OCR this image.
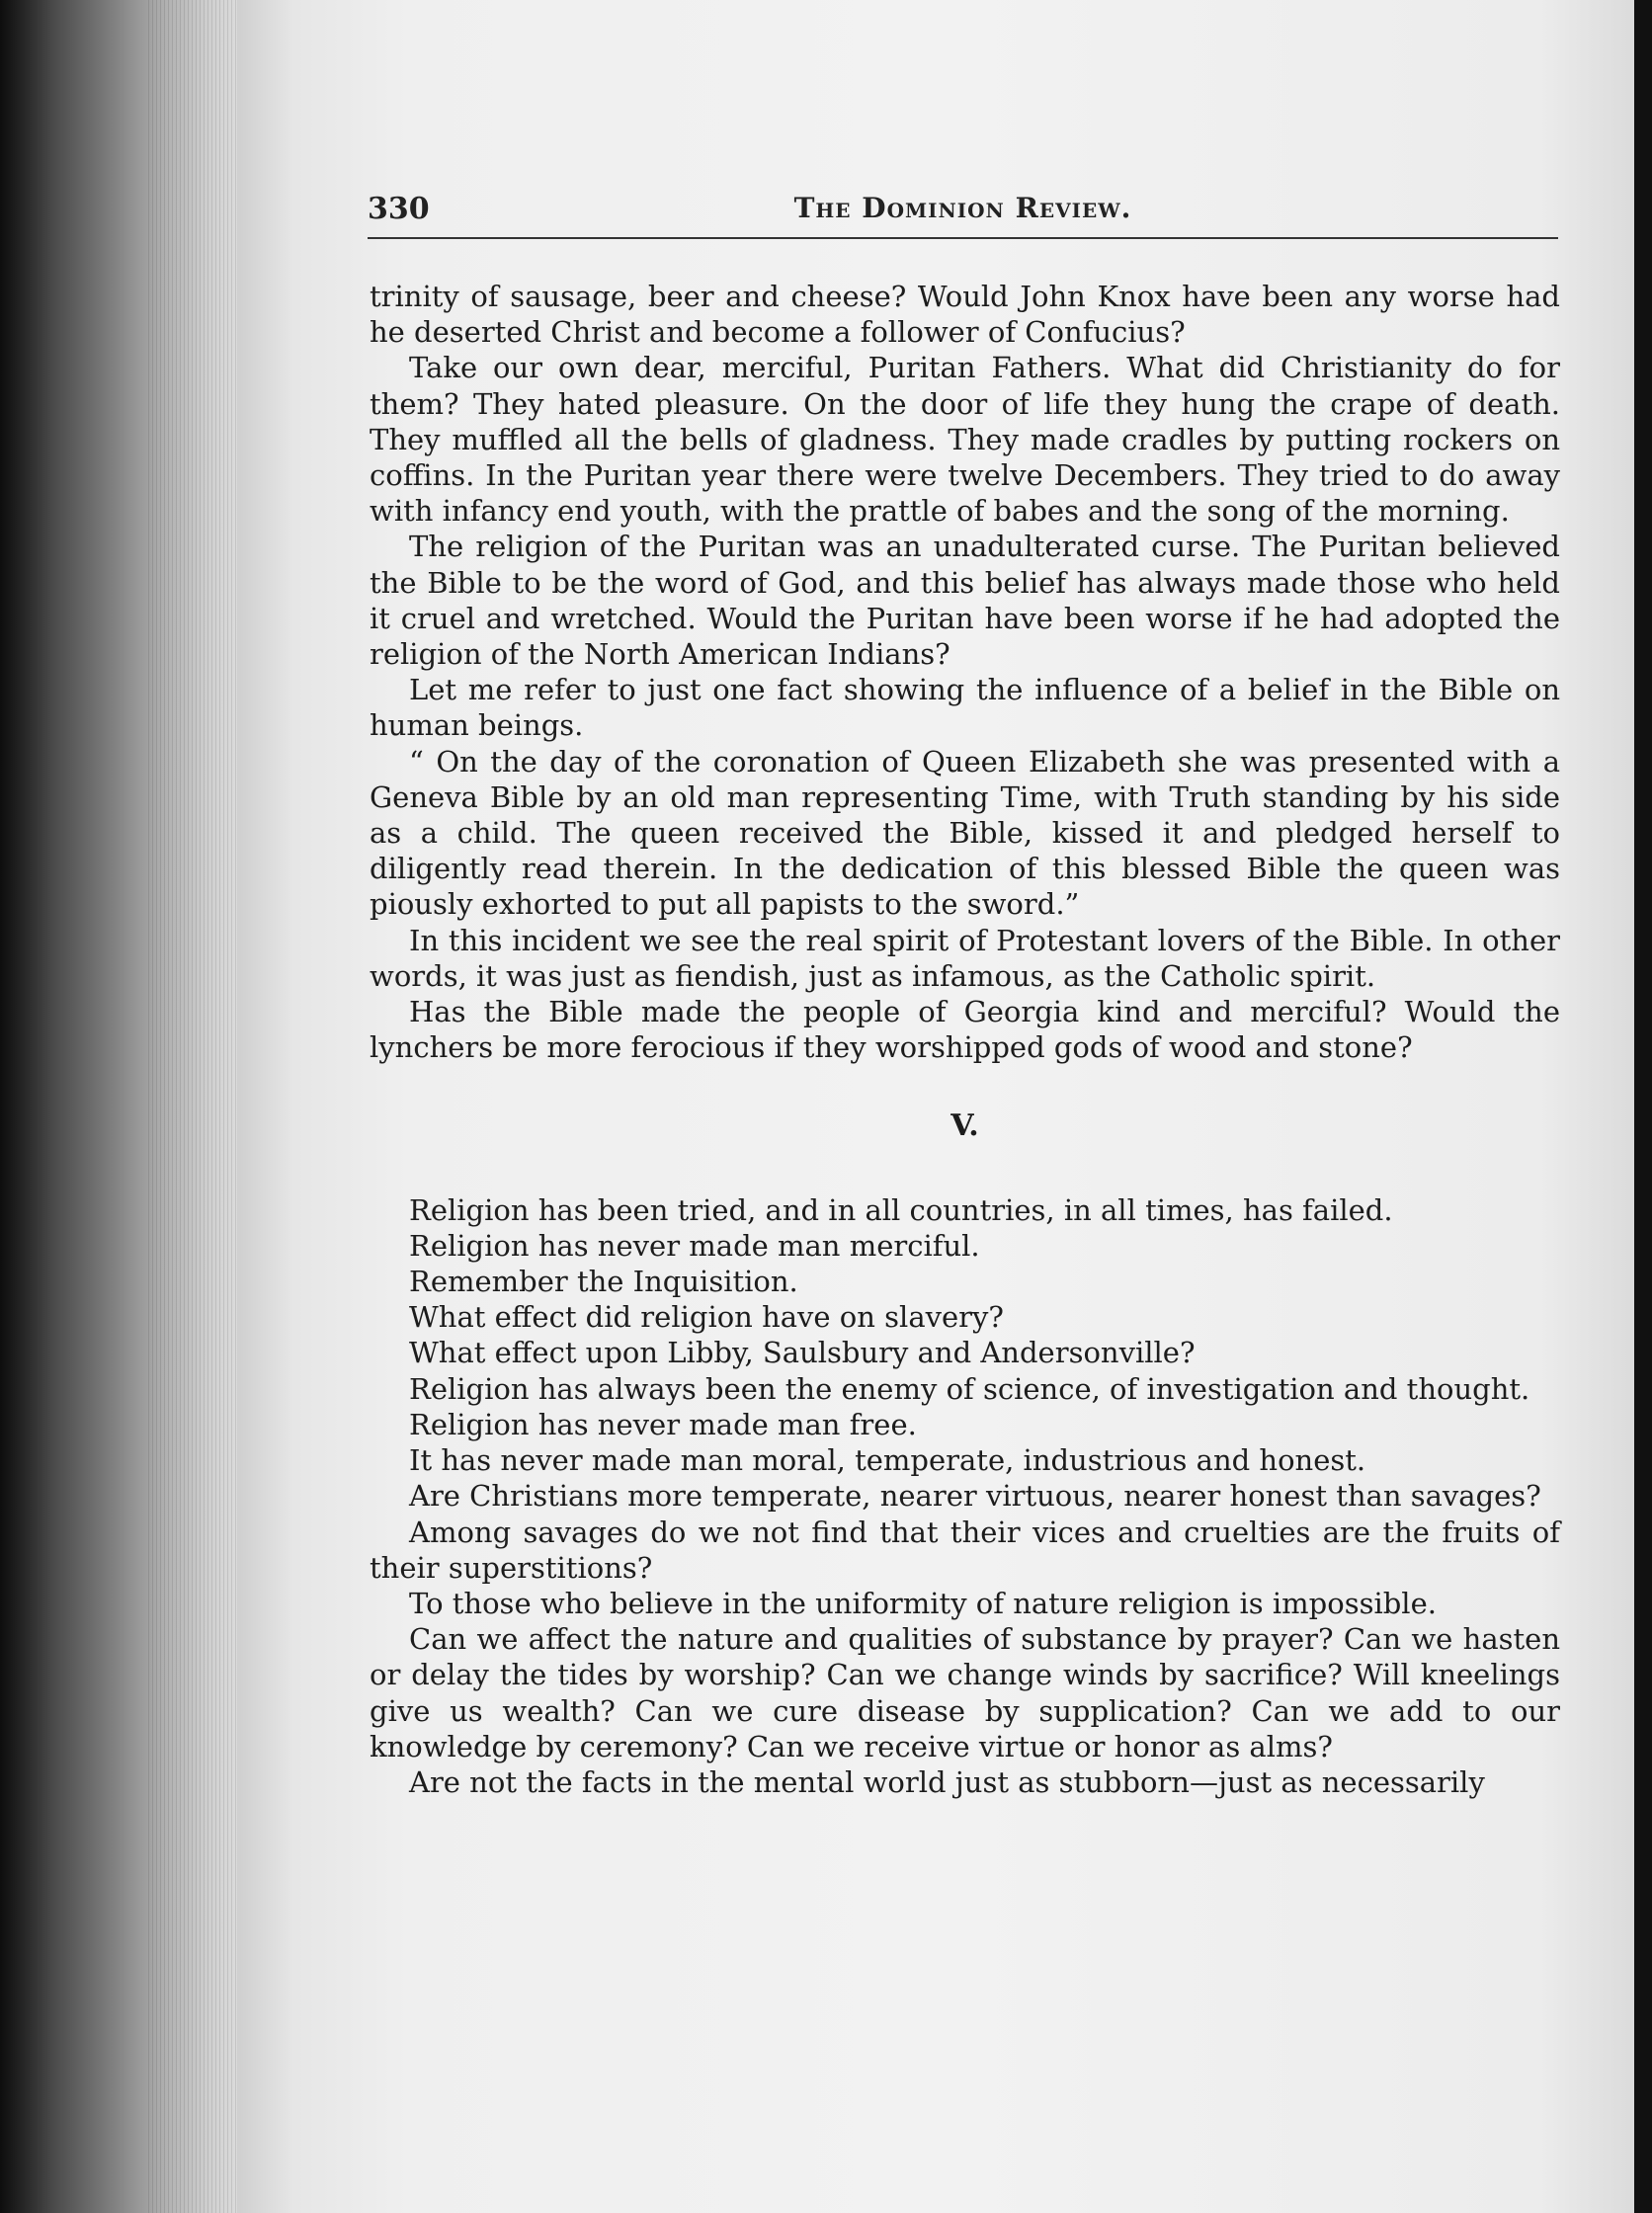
330	The Dominion Review.

trinity of sausage, beer and cheese? Would John Knox have been any worse had he deserted Christ and become a follower of Confucius?

Take our own dear, merciful, Puritan Fathers. What did Christianity do for them? They hated pleasure. On the door of life they hung the crape of death. They muffled all the bells of gladness. They made cradles by putting rockers on coffins. In the Puritan year there were twelve Decembers. They tried to do away with infancy end youth, with the prattle of babes and the song of the morning.

The religion of the Puritan was an unadulterated curse. The Puritan believed the Bible to be the word of God, and this belief has always made those who held it cruel and wretched. Would the Puritan have been worse if he had adopted the religion of the North American Indians?

Let me refer to just one fact showing the influence of a belief in the Bible on human beings.

“ On the day of the coronation of Queen Elizabeth she was presented with a Geneva Bible by an old man representing Time, with Truth standing by his side as a child. The queen received the Bible, kissed it and pledged herself to diligently read therein. In the dedication of this blessed Bible the queen was piously exhorted to put all papists to the sword.”

In this incident we see the real spirit of Protestant lovers of the Bible. In other words, it was just as fiendish, just as infamous, as the Catholic spirit.

Has the Bible made the people of Georgia kind and merciful? Would the lynchers be more ferocious if they worshipped gods of wood and stone?

V.

Religion has been tried, and in all countries, in all times, has failed.

Religion has never made man merciful.

Remember the Inquisition.

What effect did religion have on slavery?

What effect upon Libby, Saulsbury and Andersonville?

Religion has always been the enemy of science, of investigation and thought.

Religion has never made man free.

It has never made man moral, temperate, industrious and honest.

Are Christians more temperate, nearer virtuous, nearer honest than savages?

Among savages do we not find that their vices and cruelties are the fruits of their superstitions?

To those who believe in the uniformity of nature religion is impossible.

Can we affect the nature and qualities of substance by prayer? Can we hasten or delay the tides by worship? Can we change winds by sacrifice? Will kneelings give us wealth? Can we cure disease by supplication? Can we add to our knowledge by ceremony? Can we receive virtue or honor as alms?

Are not the facts in the mental world just as stubborn—just as necessarily
